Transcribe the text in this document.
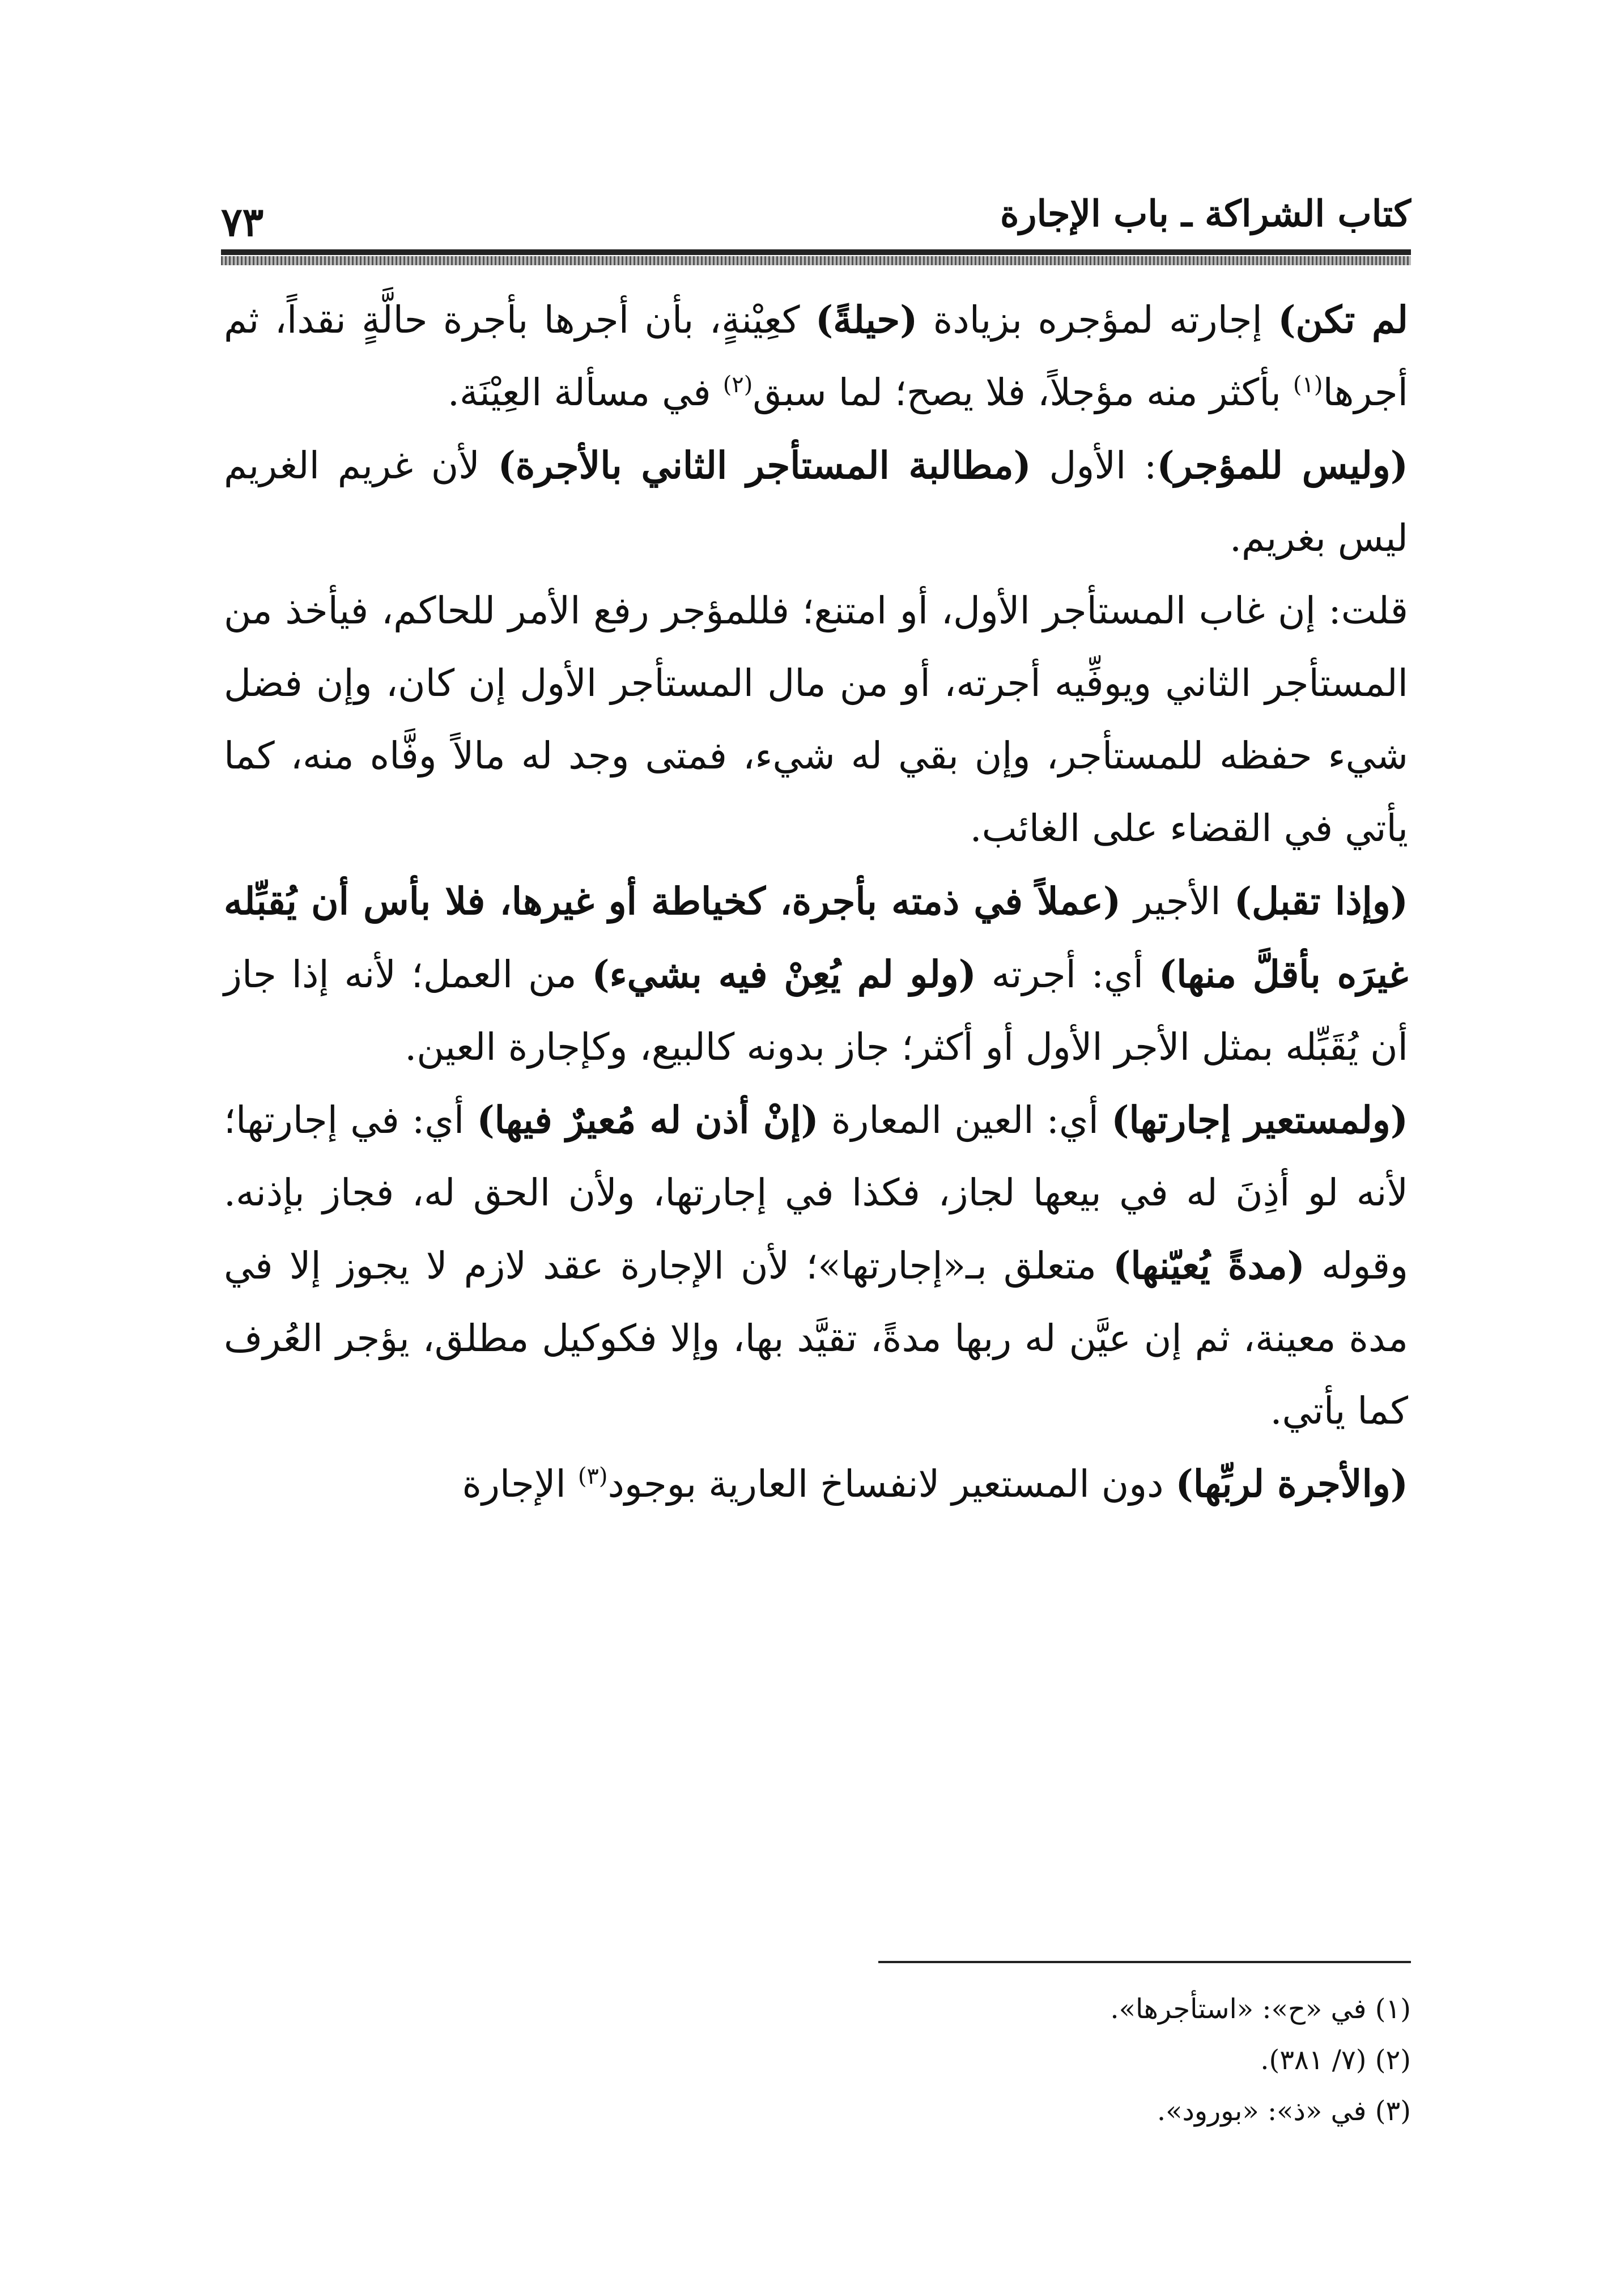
كتاب الشراكة ـ باب الإجارة
٧٣

لم تكن) إجارته لمؤجره بزيادة (حيلةً) كعِيْنةٍ، بأن أجرها بأجرة حالَّةٍ نقداً، ثم أجرها$^{(١)}$ بأكثر منه مؤجلاً، فلا يصح؛ لما سبق$^{(٢)}$ في مسألة العِيْنَة.

(وليس للمؤجر): الأول (مطالبة المستأجر الثاني بالأجرة) لأن غريم الغريم ليس بغريم.

قلت: إن غاب المستأجر الأول، أو امتنع؛ فللمؤجر رفع الأمر للحاكم، فيأخذ من المستأجر الثاني ويوفِّيه أجرته، أو من مال المستأجر الأول إن كان، وإن فضل شيء حفظه للمستأجر، وإن بقي له شيء، فمتى وجد له مالاً وفَّاه منه، كما يأتي في القضاء على الغائب.

(وإذا تقبل) الأجير (عملاً في ذمته بأجرة، كخياطة أو غيرها، فلا بأس أن يُقبِّله غيرَه بأقلَّ منها) أي: أجرته (ولو لم يُعِنْ فيه بشيء) من العمل؛ لأنه إذا جاز أن يُقَبِّله بمثل الأجر الأول أو أكثر؛ جاز بدونه كالبيع، وكإجارة العين.

(ولمستعير إجارتها) أي: العين المعارة (إنْ أذن له مُعيرٌ فيها) أي: في إجارتها؛ لأنه لو أذِنَ له في بيعها لجاز، فكذا في إجارتها، ولأن الحق له، فجاز بإذنه. وقوله (مدةً يُعيّنها) متعلق بـ«إجارتها»؛ لأن الإجارة عقد لازم لا يجوز إلا في مدة معينة، ثم إن عيَّن له ربها مدةً، تقيَّد بها، وإلا فكوكيل مطلق، يؤجر العُرف كما يأتي.

(والأجرة لربِّها) دون المستعير لانفساخ العارية بوجود$^{(٣)}$ الإجارة

(١) في «ح»: «استأجرها».
(٢) (٧/ ٣٨١).
(٣) في «ذ»: «بورود».
